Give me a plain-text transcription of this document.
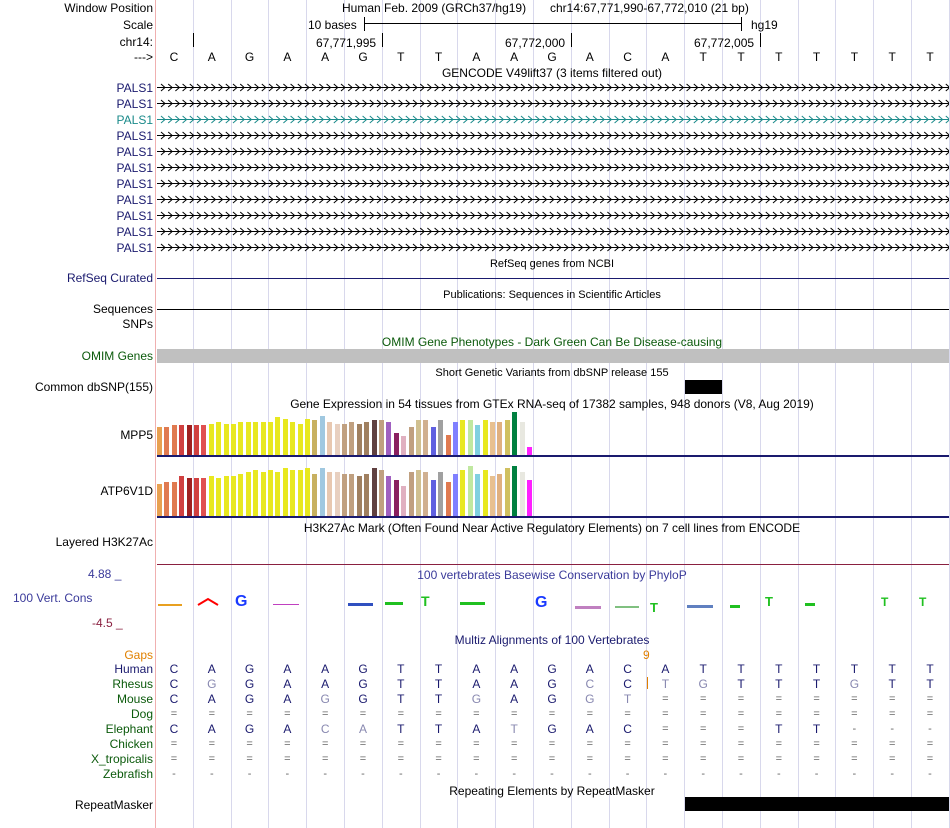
Window Position
Scale
chr14:
--->
Human Feb. 2009 (GRCh37/hg19) chr14:67,771,990-67,772,010 (21 bp)
10 bases	hg19
67,771,995	67,772,000	67,772,005
C	A	G	A	A	G	T	T	A	A	G	A	C	A	T	T	T	T	T	T	T
GENCODE V49lift37 (3 items filtered out)
PALS1
PALS1
PALS1
PALS1
PALS1
PALS1
PALS1
PALS1
PALS1
PALS1
PALS1
RefSeq genes from NCBI
RefSeq Curated
Publications: Sequences in Scientific Articles
Sequences
SNPs
OMIM Gene Phenotypes - Dark Green Can Be Disease-causing
OMIM Genes
Short Genetic Variants from dbSNP release 155
Common dbSNP(155)
Gene Expression in 54 tissues from GTEx RNA-seq of 17382 samples, 948 donors (V8, Aug 2019)
MPP5
ATP6V1D
H3K27Ac Mark (Often Found Near Active Regulatory Elements) on 7 cell lines from ENCODE
Layered H3K27Ac
100 vertebrates Basewise Conservation by PhyloP
4.88 _
100 Vert. Cons
-4.5 _
G	T	G	T	T	T	T
Multiz Alignments of 100 Vertebrates
9
Gaps
Human	C	A	G	A	A	G	T	T	A	A	G	A	C	A	T	T	T	T	T	T	T
Rhesus	C	G	G	A	A	G	T	T	A	A	G	C	C	T	G	T	T	T	G	T	T
Mouse	C	A	G	A	G	G	T	T	G	A	G	G	T	=	=	=	=	=	=	=	=
Dog	=	=	=	=	=	=	=	=	=	=	=	=	=	=	=	=	=	=	=	=	=
Elephant	C	A	G	A	C	A	T	T	A	T	G	A	C	=	=	=	T	T	-	-	-
Chicken	=	=	=	=	=	=	=	=	=	=	=	=	=	=	=	=	=	=	=	=	=
X_tropicalis	=	=	=	=	=	=	=	=	=	=	=	=	=	=	=	=	=	=	=	=	=
Zebrafish	-	-	-	-	-	-	-	-	-	-	-	-	-	-	-	-	-	-	-	-	-
Repeating Elements by RepeatMasker
RepeatMasker
